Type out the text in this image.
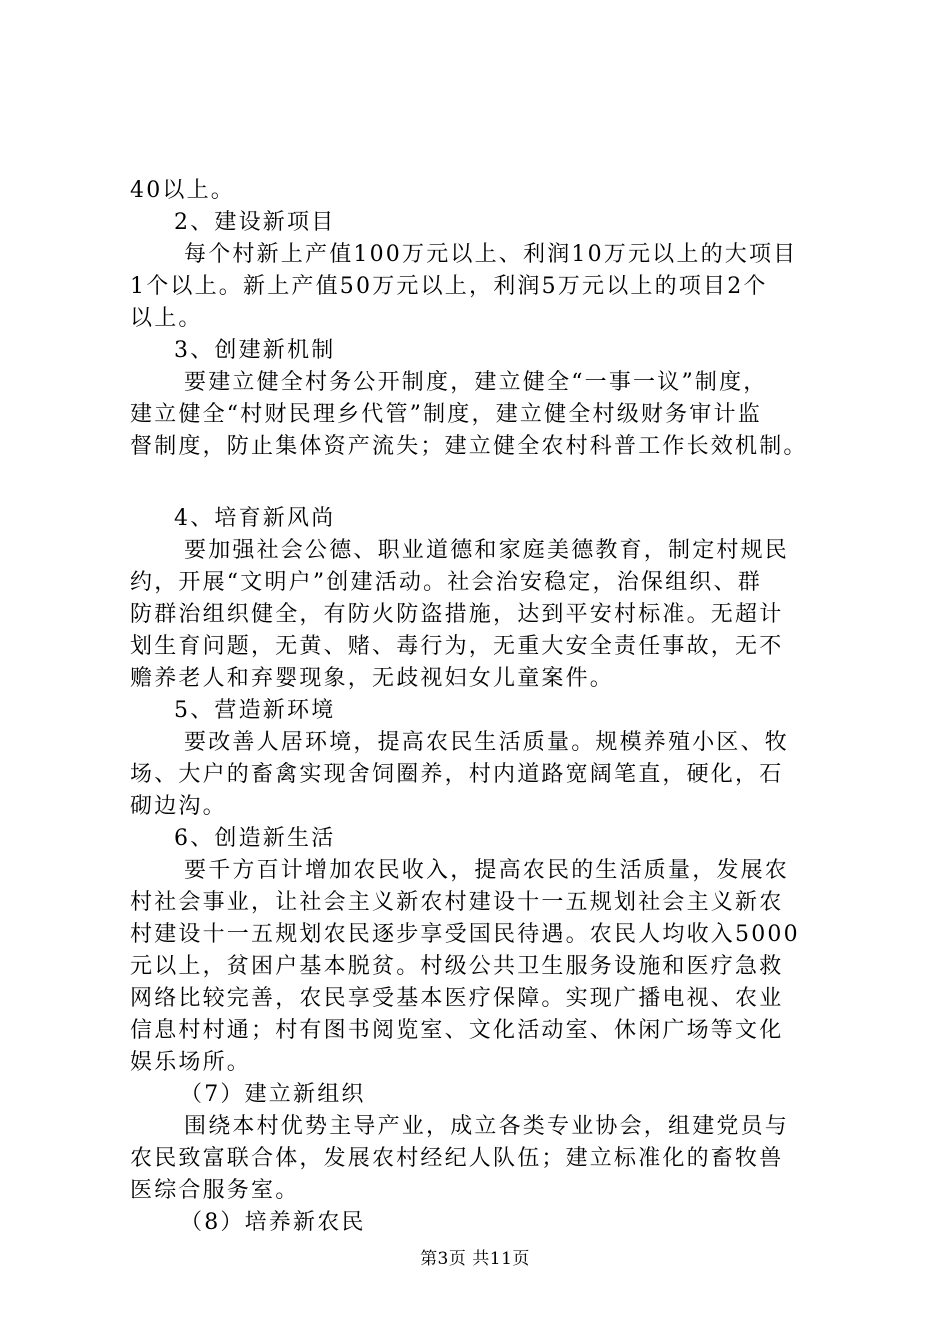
40以上。
2、建设新项目
每个村新上产值100万元以上、利润10万元以上的大项目
1个以上。新上产值50万元以上，利润5万元以上的项目2个
以上。
3、创建新机制
要建立健全村务公开制度，建立健全“一事一议”制度，
建立健全“村财民理乡代管”制度，建立健全村级财务审计监
督制度，防止集体资产流失；建立健全农村科普工作长效机制。
4、培育新风尚
要加强社会公德、职业道德和家庭美德教育，制定村规民
约，开展“文明户”创建活动。社会治安稳定，治保组织、群
防群治组织健全，有防火防盗措施，达到平安村标准。无超计
划生育问题，无黄、赌、毒行为，无重大安全责任事故，无不
赡养老人和弃婴现象，无歧视妇女儿童案件。
5、营造新环境
要改善人居环境，提高农民生活质量。规模养殖小区、牧
场、大户的畜禽实现舍饲圈养，村内道路宽阔笔直，硬化，石
砌边沟。
6、创造新生活
要千方百计增加农民收入，提高农民的生活质量，发展农
村社会事业，让社会主义新农村建设十一五规划社会主义新农
村建设十一五规划农民逐步享受国民待遇。农民人均收入5000
元以上，贫困户基本脱贫。村级公共卫生服务设施和医疗急救
网络比较完善，农民享受基本医疗保障。实现广播电视、农业
信息村村通；村有图书阅览室、文化活动室、休闲广场等文化
娱乐场所。
（7）建立新组织
围绕本村优势主导产业，成立各类专业协会，组建党员与
农民致富联合体，发展农村经纪人队伍；建立标准化的畜牧兽
医综合服务室。
（8）培养新农民
第3页 共11页
